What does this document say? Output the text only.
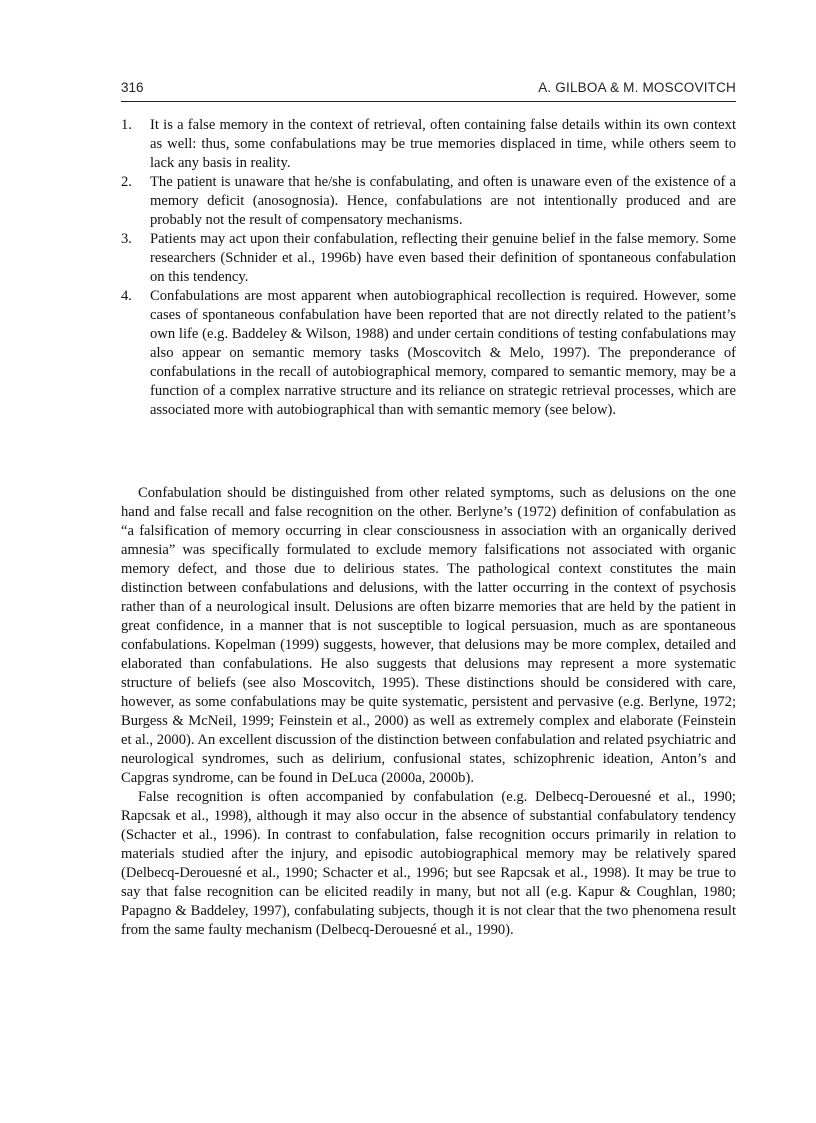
316	A. GILBOA & M. MOSCOVITCH
1. It is a false memory in the context of retrieval, often containing false details within its own context as well: thus, some confabulations may be true memories displaced in time, while others seem to lack any basis in reality.
2. The patient is unaware that he/she is confabulating, and often is unaware even of the existence of a memory deficit (anosognosia). Hence, confabulations are not intentionally produced and are probably not the result of compensatory mechanisms.
3. Patients may act upon their confabulation, reflecting their genuine belief in the false memory. Some researchers (Schnider et al., 1996b) have even based their definition of spontaneous confabulation on this tendency.
4. Confabulations are most apparent when autobiographical recollection is required. However, some cases of spontaneous confabulation have been reported that are not directly related to the patient’s own life (e.g. Baddeley & Wilson, 1988) and under certain conditions of testing confabulations may also appear on semantic memory tasks (Moscovitch & Melo, 1997). The preponderance of confabulations in the recall of autobiographical memory, compared to semantic memory, may be a function of a complex narrative structure and its reliance on strategic retrieval processes, which are associated more with autobiographical than with semantic memory (see below).

Confabulation should be distinguished from other related symptoms, such as delusions on the one hand and false recall and false recognition on the other. Berlyne’s (1972) definition of confabulation as “a falsification of memory occurring in clear consciousness in association with an organically derived amnesia” was specifically formulated to exclude memory falsifications not associated with organic memory defect, and those due to delirious states. The pathological context constitutes the main distinction between confabulations and delusions, with the latter occurring in the context of psychosis rather than of a neurological insult. Delusions are often bizarre memories that are held by the patient in great confidence, in a manner that is not susceptible to logical persuasion, much as are spontaneous confabulations. Kopelman (1999) suggests, however, that delusions may be more complex, detailed and elaborated than confabulations. He also suggests that delusions may represent a more systematic structure of beliefs (see also Moscovitch, 1995). These distinctions should be considered with care, however, as some confabulations may be quite systematic, persistent and pervasive (e.g. Berlyne, 1972; Burgess & McNeil, 1999; Feinstein et al., 2000) as well as extremely complex and elaborate (Feinstein et al., 2000). An excellent discussion of the distinction between confabulation and related psychiatric and neurological syndromes, such as delirium, confusional states, schizophrenic ideation, Anton’s and Capgras syndrome, can be found in DeLuca (2000a, 2000b).

False recognition is often accompanied by confabulation (e.g. Delbecq-Derouesné et al., 1990; Rapcsak et al., 1998), although it may also occur in the absence of substantial confabulatory tendency (Schacter et al., 1996). In contrast to confabulation, false recognition occurs primarily in relation to materials studied after the injury, and episodic autobiographical memory may be relatively spared (Delbecq-Derouesné et al., 1990; Schacter et al., 1996; but see Rapcsak et al., 1998). It may be true to say that false recognition can be elicited readily in many, but not all (e.g. Kapur & Coughlan, 1980; Papagno & Baddeley, 1997), confabulating subjects, though it is not clear that the two phenomena result from the same faulty mechanism (Delbecq-Derouesné et al., 1990).
